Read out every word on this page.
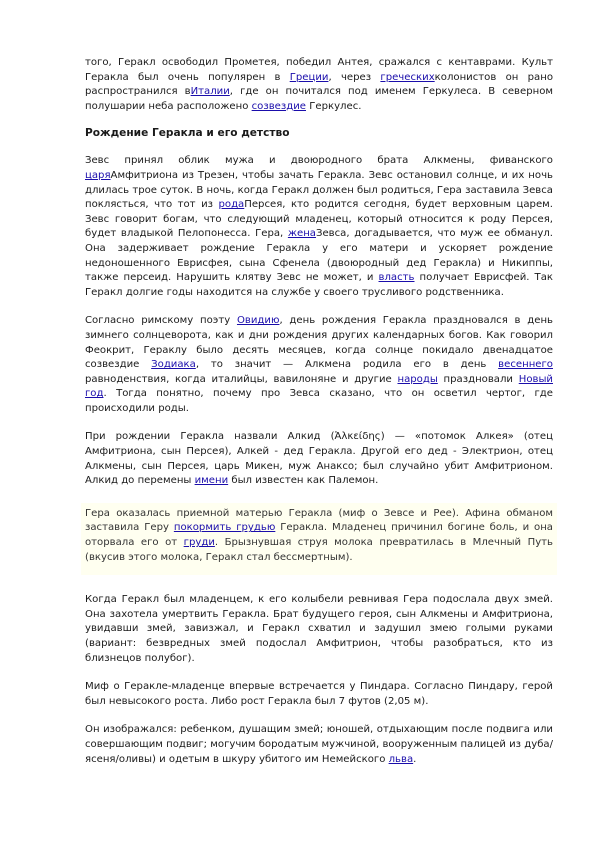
того, Геракл освободил Прометея, победил Антея, сражался с кентаврами. Культ Геракла был очень популярен в Греции, через греческихколонистов он рано распространился вИталии, где он почитался под именем Геркулеса. В северном полушарии неба расположено созвездие Геркулес.

Рождение Геракла и его детство

Зевс принял облик мужа и двоюродного брата Алкмены, фиванского царяАмфитриона из Трезен, чтобы зачать Геракла. Зевс остановил солнце, и их ночь длилась трое суток. В ночь, когда Геракл должен был родиться, Гера заставила Зевса поклясться, что тот из родаПерсея, кто родится сегодня, будет верховным царем. Зевс говорит богам, что следующий младенец, который относится к роду Персея, будет владыкой Пелопонесса. Гера, женаЗевса, догадывается, что муж ее обманул. Она задерживает рождение Геракла у его матери и ускоряет рождение недоношенного Еврисфея, сына Сфенела (двоюродный дед Геракла) и Никиппы, также персеид. Нарушить клятву Зевс не может, и власть получает Еврисфей. Так Геракл долгие годы находится на службе у своего трусливого родственника.

Согласно римскому поэту Овидию, день рождения Геракла праздновался в день зимнего солнцеворота, как и дни рождения других календарных богов. Как говорил Феокрит, Гераклу было десять месяцев, когда солнце покидало двенадцатое созвездие Зодиака, то значит — Алкмена родила его в день весеннего равноденствия, когда италийцы, вавилоняне и другие народы праздновали Новый год. Тогда понятно, почему про Зевса сказано, что он осветил чертог, где происходили роды.

При рождении Геракла назвали Алкид (Ἀλκείδης) — «потомок Алкея» (отец Амфитриона, сын Персея), Алкей - дед Геракла. Другой его дед - Электрион, отец Алкмены, сын Персея, царь Микен, муж Анаксо; был случайно убит Амфитрионом. Алкид до перемены имени был известен как Палемон.

Гера оказалась приемной матерью Геракла (миф о Зевсе и Рее). Афина обманом заставила Геру покормить грудью Геракла. Младенец причинил богине боль, и она оторвала его от груди. Брызнувшая струя молока превратилась в Млечный Путь (вкусив этого молока, Геракл стал бессмертным).

Когда Геракл был младенцем, к его колыбели ревнивая Гера подослала двух змей. Она захотела умертвить Геракла. Брат будущего героя, сын Алкмены и Амфитриона, увидавши змей, завизжал, и Геракл схватил и задушил змею голыми руками (вариант: безвредных змей подослал Амфитрион, чтобы разобраться, кто из близнецов полубог).

Миф о Геракле-младенце впервые встречается у Пиндара. Согласно Пиндару, герой был невысокого роста. Либо рост Геракла был 7 футов (2,05 м).

Он изображался: ребенком, душащим змей; юношей, отдыхающим после подвига или совершающим подвиг; могучим бородатым мужчиной, вооруженным палицей из дуба/ясеня/оливы) и одетым в шкуру убитого им Немейского льва.
